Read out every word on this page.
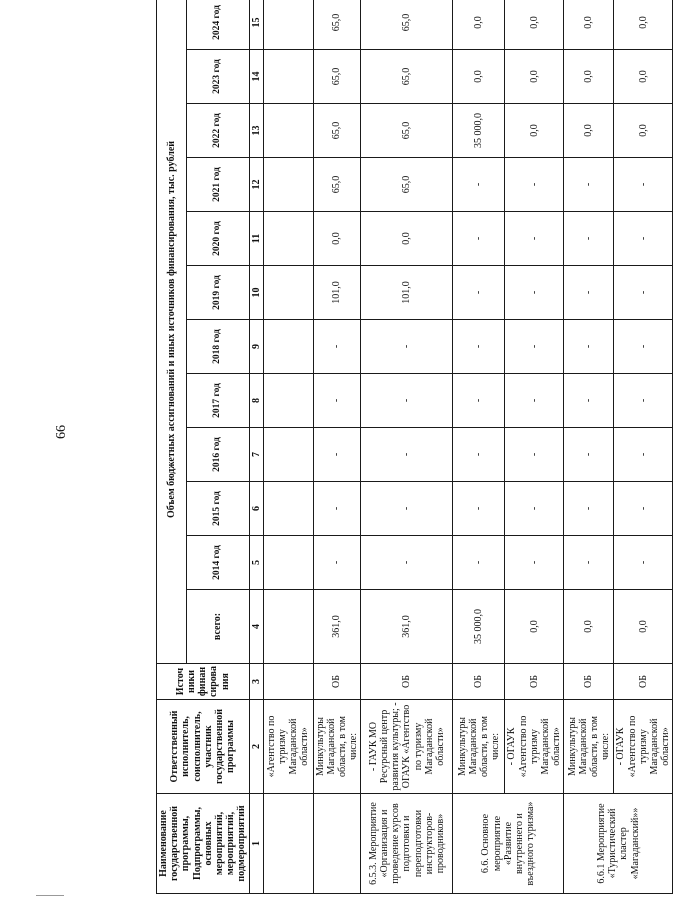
66
Наименование государственной программы, Подпрограммы, основных мероприятий, мероприятий, подмероприятий	Ответственный исполнитель, соисполнитель, участник государственной программы	Источники финансирования	Объем бюджетных ассигнований и иных источников финансирования, тыс. рублей											
			всего:	2014 год	2015 год	2016 год	2017 год	2018 год	2019 год	2020 год	2021 год	2022 год	2023 год	2024 год
1	2	3	4	5	6	7	8	9	10	11	12	13	14	15
	«Агентство по туризму Магаданской области»													
	Минкультуры Магаданской области, в том числе:	ОБ	361,0	-	-	-	-	-	101,0	0,0	65,0	65,0	65,0	65,0
6.5.3. Мероприятие «Организация и проведение курсов подготовки и переподготовки инструкторов-проводников»	- ГАУК МО Ресурсный центр развития культуры; - ОГАУК «Агентство по туризму Магаданской области»	ОБ	361,0	-	-	-	-	-	101,0	0,0	65,0	65,0	65,0	65,0
6.6. Основное мероприятие «Развитие внутреннего и въездного туризма»	Минкультуры Магаданской области, в том числе:	ОБ	35 000,0	-	-	-	-	-	-	-	-	35 000,0	0,0	0,0
	- ОГАУК «Агентство по туризму Магаданской области»	ОБ	0,0	-	-	-	-	-	-	-	-	0,0	0,0	0,0
6.6.1 Мероприятие «Туристический кластер «Магаданский»»	Минкультуры Магаданской области, в том числе:	ОБ	0,0	-	-	-	-	-	-	-	-	0,0	0,0	0,0
	- ОГАУК «Агентство по туризму Магаданской области»	ОБ	0,0	-	-	-	-	-	-	-	-	0,0	0,0	0,0
